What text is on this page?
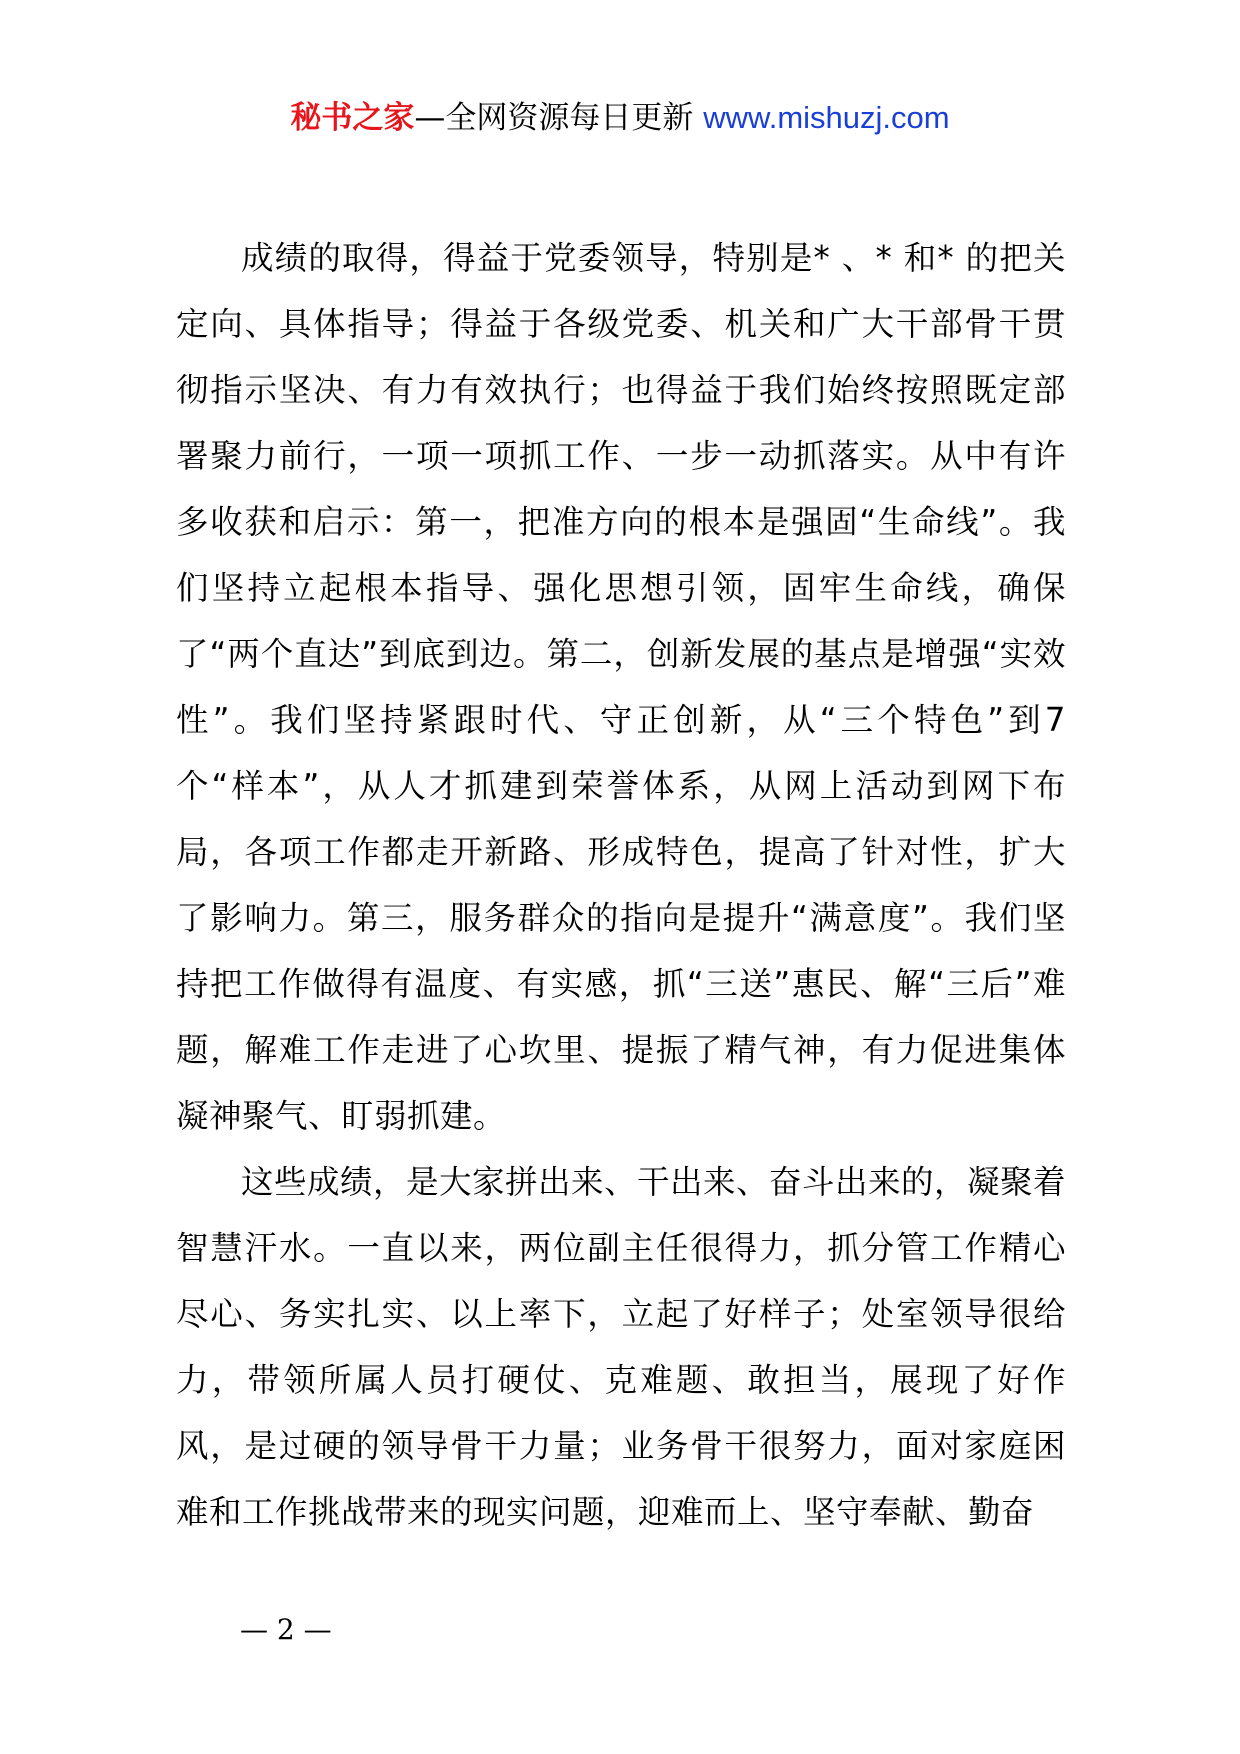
秘书之家—全网资源每日更新 www.mishuzj.com

成绩的取得，得益于党委领导，特别是* 、* 和* 的把关定向、具体指导；得益于各级党委、机关和广大干部骨干贯彻指示坚决、有力有效执行；也得益于我们始终按照既定部署聚力前行，一项一项抓工作、一步一动抓落实。从中有许多收获和启示：第一，把准方向的根本是强固“生命线”。我们坚持立起根本指导、强化思想引领，固牢生命线，确保了“两个直达”到底到边。第二，创新发展的基点是增强“实效性”。我们坚持紧跟时代、守正创新，从“三个特色”到7 个“样本”，从人才抓建到荣誉体系，从网上活动到网下布局，各项工作都走开新路、形成特色，提高了针对性，扩大了影响力。第三，服务群众的指向是提升“满意度”。我们坚持把工作做得有温度、有实感，抓“三送”惠民、解“三后”难题，解难工作走进了心坎里、提振了精气神，有力促进集体凝神聚气、盯弱抓建。

这些成绩，是大家拼出来、干出来、奋斗出来的，凝聚着智慧汗水。一直以来，两位副主任很得力，抓分管工作精心尽心、务实扎实、以上率下，立起了好样子；处室领导很给力，带领所属人员打硬仗、克难题、敢担当，展现了好作风，是过硬的领导骨干力量；业务骨干很努力，面对家庭困难和工作挑战带来的现实问题，迎难而上、坚守奉献、勤奋

— 2 —
